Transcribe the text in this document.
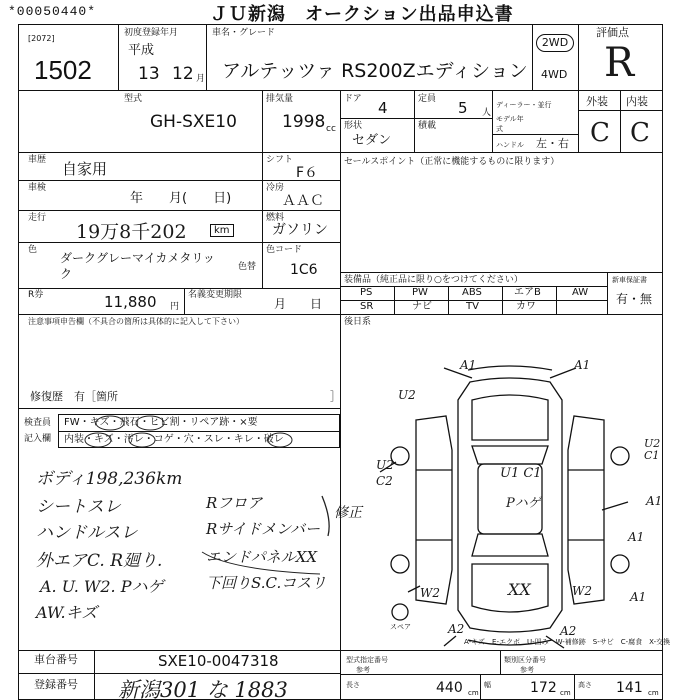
*00050440*	ＪＵ新潟　オークション出品申込書
[2072]
1502
初度登録年月
平成
13 12 月
車名・グレード
アルテッツァ RS200Zエディション
2WD
4WD
評価点
R
型式
GH-SXE10
排気量
1998 cc
ドア 4	定員 5 人
形状
セダン
積載
ディーラー・並行
モデル年式
ハンドル 左・右
外装 内装
C C
車歴 自家用	シフト
F６
セールスポイント（正常に機能するものに限ります）
車検
年　　月(　　日)
冷房
ＡＡＣ
走行
19万8千202	km
燃料
ガソリン
色
ダークグレーマイカメタリック	色替
色コード
1C6
R券	11,880 円
名義変更期限
月　　日
装備品（純正品に限り○をつけてください）
PS	PW	ABS	エアB	AW
SR	ナビ	TV	カワ
新車保証書
有・無
後日系
注意事項申告欄（不具合の箇所は具体的に記入して下さい）
修復歴　有［箇所	］
検査員
記入欄
FW・キズ・飛石・ヒビ割・リペア跡・×要
内装・キズ・汚レ・コゲ・穴・スレ・キレ・破レ
ボディ198,236km
シートスレ
ハンドルスレ
外エアC. R廻り.
A. U. W2. Pハゲ
AW.キズ
Rフロア
Rサイドメンバー
修正
エンドパネルXX
下回りS.C.コスリ
A1	A1
U2
U2
C2
U2 C1
U1 C1
Pハゲ	A1
A1
W2	W2
XX	A1
A2	A2
スペア
A-キズ　E-エクボ　U-凹み　W-補修跡　S-サビ　C-腐食　X-交換
車台番号	SXE10-0047318
登録番号 新潟301 な 1883
型式指定番号
参考
類別区分番号
参考
長さ	440 cm
幅	172 cm
高さ 141 cm
